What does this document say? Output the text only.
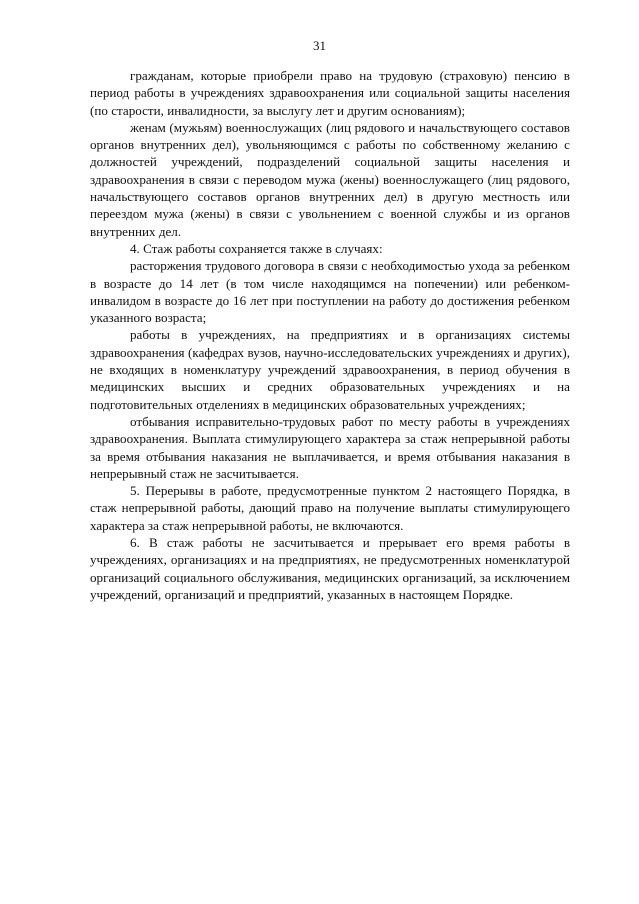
31

гражданам, которые приобрели право на трудовую (страховую) пенсию в период работы в учреждениях здравоохранения или социальной защиты населения (по старости, инвалидности, за выслугу лет и другим основаниям);

женам (мужьям) военнослужащих (лиц рядового и начальствующего составов органов внутренних дел), увольняющимся с работы по собственному желанию с должностей учреждений, подразделений социальной защиты населения и здравоохранения в связи с переводом мужа (жены) военнослужащего (лиц рядового, начальствующего составов органов внутренних дел) в другую местность или переездом мужа (жены) в связи с увольнением с военной службы и из органов внутренних дел.

4. Стаж работы сохраняется также в случаях:

расторжения трудового договора в связи с необходимостью ухода за ребенком в возрасте до 14 лет (в том числе находящимся на попечении) или ребенком-инвалидом в возрасте до 16 лет при поступлении на работу до достижения ребенком указанного возраста;

работы в учреждениях, на предприятиях и в организациях системы здравоохранения (кафедрах вузов, научно-исследовательских учреждениях и других), не входящих в номенклатуру учреждений здравоохранения, в период обучения в медицинских высших и средних образовательных учреждениях и на подготовительных отделениях в медицинских образовательных учреждениях;

отбывания исправительно-трудовых работ по месту работы в учреждениях здравоохранения. Выплата стимулирующего характера за стаж непрерывной работы за время отбывания наказания не выплачивается, и время отбывания наказания в непрерывный стаж не засчитывается.

5. Перерывы в работе, предусмотренные пунктом 2 настоящего Порядка, в стаж непрерывной работы, дающий право на получение выплаты стимулирующего характера за стаж непрерывной работы, не включаются.

6. В стаж работы не засчитывается и прерывает его время работы в учреждениях, организациях и на предприятиях, не предусмотренных номенклатурой организаций социального обслуживания, медицинских организаций, за исключением учреждений, организаций и предприятий, указанных в настоящем Порядке.
